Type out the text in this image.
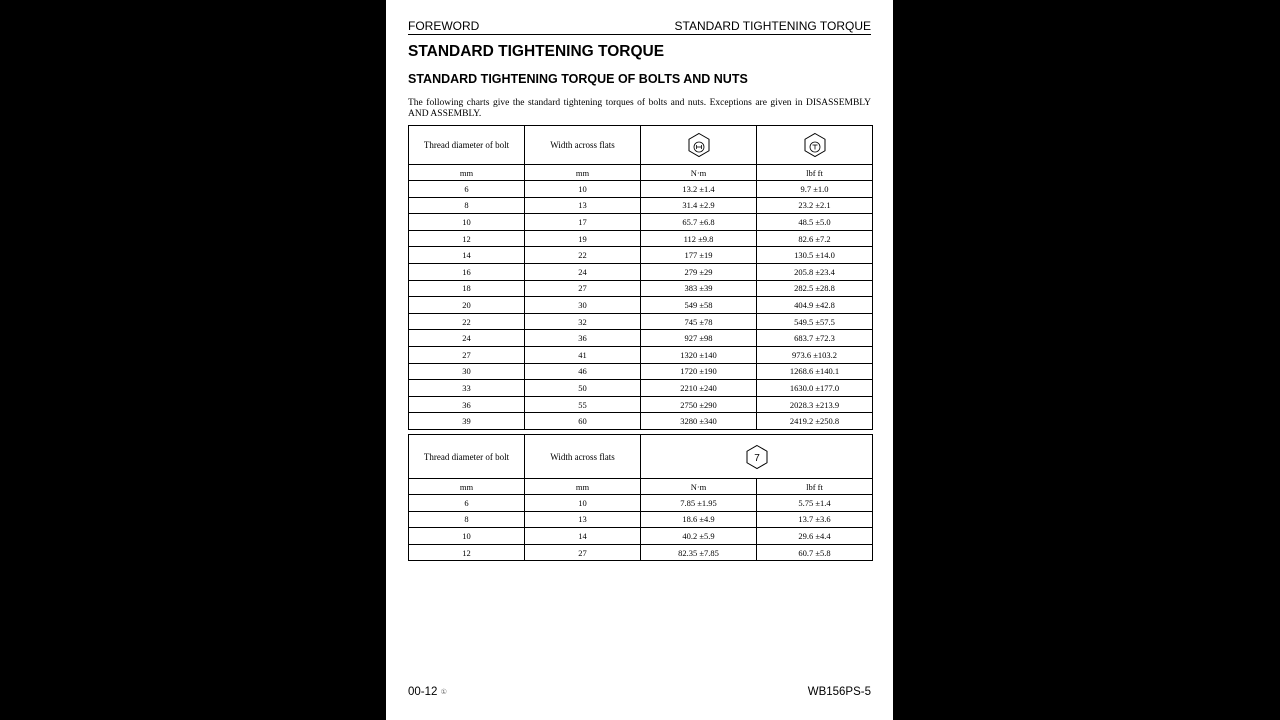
FOREWORD	STANDARD TIGHTENING TORQUE
STANDARD TIGHTENING TORQUE
STANDARD TIGHTENING TORQUE OF BOLTS AND NUTS

The following charts give the standard tightening torques of bolts and nuts. Exceptions are given in DISASSEMBLY AND ASSEMBLY.

Thread diameter of bolt	Width across flats		
mm	mm	N·m	lbf ft
6	10	13.2 ±1.4	9.7 ±1.0
8	13	31.4 ±2.9	23.2 ±2.1
10	17	65.7 ±6.8	48.5 ±5.0
12	19	112 ±9.8	82.6 ±7.2
14	22	177 ±19	130.5 ±14.0
16	24	279 ±29	205.8 ±23.4
18	27	383 ±39	282.5 ±28.8
20	30	549 ±58	404.9 ±42.8
22	32	745 ±78	549.5 ±57.5
24	36	927 ±98	683.7 ±72.3
27	41	1320 ±140	973.6 ±103.2
30	46	1720 ±190	1268.6 ±140.1
33	50	2210 ±240	1630.0 ±177.0
36	55	2750 ±290	2028.3 ±213.9
39	60	3280 ±340	2419.2 ±250.8
Thread diameter of bolt	Width across flats	7	

mm	mm	N·m	lbf ft
6	10	7.85 ±1.95	5.75 ±1.4
8	13	18.6 ±4.9	13.7 ±3.6
10	14	40.2 ±5.9	29.6 ±4.4
12	27	82.35 ±7.85	60.7 ±5.8
00-12 ①	WB156PS-5
